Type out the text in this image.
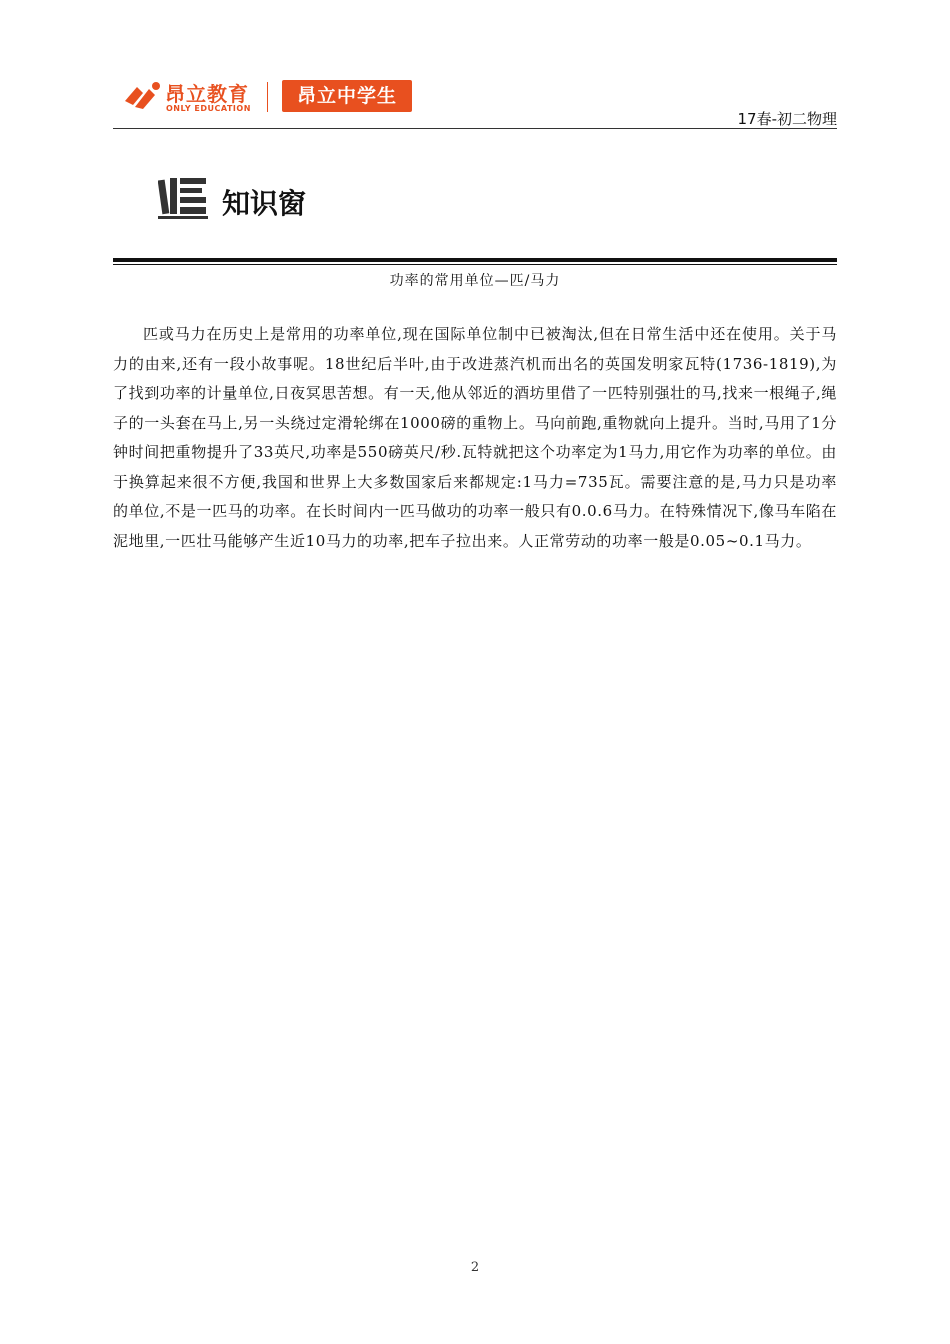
昂立教育
ONLY EDUCATION
昂立中学生
17春-初二物理
知识窗
功率的常用单位—匹/马力

匹或马力在历史上是常用的功率单位,现在国际单位制中已被淘汰,但在日常生活中还在使用。关于马力的由来,还有一段小故事呢。18世纪后半叶,由于改进蒸汽机而出名的英国发明家瓦特(1736-1819),为了找到功率的计量单位,日夜冥思苦想。有一天,他从邻近的酒坊里借了一匹特别强壮的马,找来一根绳子,绳子的一头套在马上,另一头绕过定滑轮绑在1000磅的重物上。马向前跑,重物就向上提升。当时,马用了1分钟时间把重物提升了33英尺,功率是550磅英尺/秒.瓦特就把这个功率定为1马力,用它作为功率的单位。由于换算起来很不方便,我国和世界上大多数国家后来都规定:1马力=735瓦。需要注意的是,马力只是功率的单位,不是一匹马的功率。在长时间内一匹马做功的功率一般只有0.0.6马力。在特殊情况下,像马车陷在泥地里,一匹壮马能够产生近10马力的功率,把车子拉出来。人正常劳动的功率一般是0.05~0.1马力。

2
